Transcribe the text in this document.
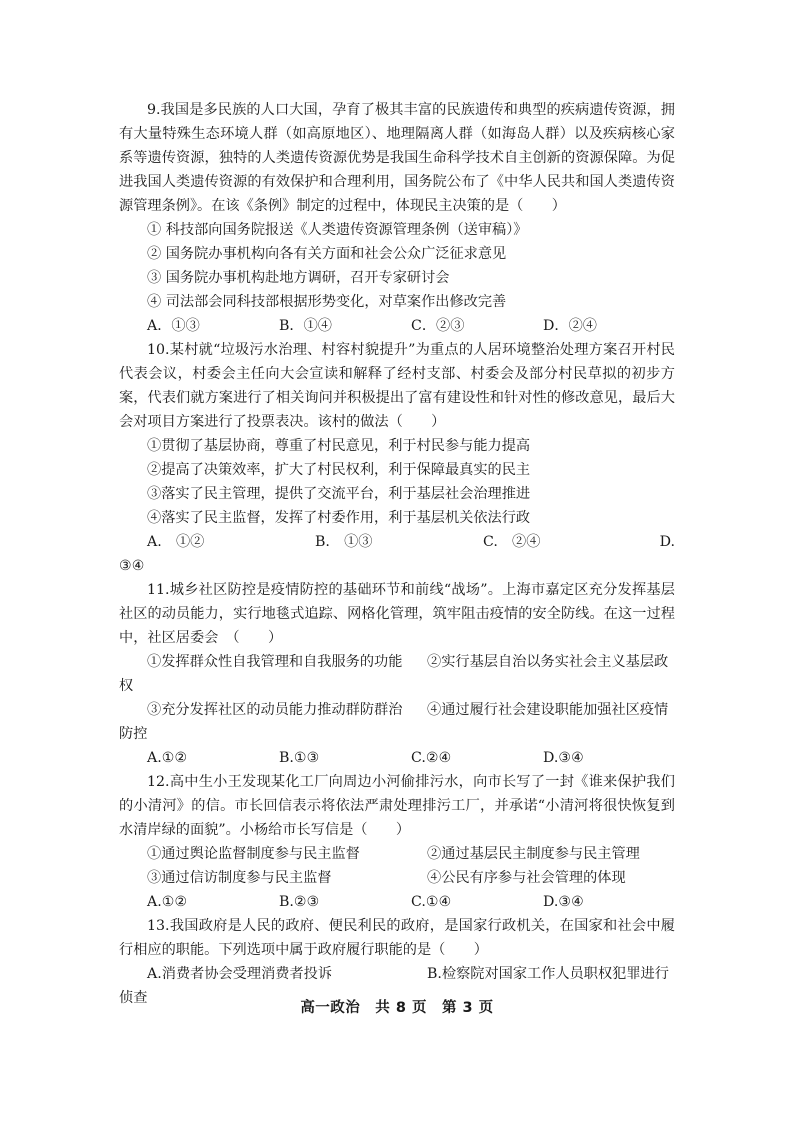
9.我国是多民族的人口大国，孕育了极其丰富的民族遗传和典型的疾病遗传资源，拥有大量特殊生态环境人群（如高原地区）、地理隔离人群（如海岛人群）以及疾病核心家系等遗传资源，独特的人类遗传资源优势是我国生命科学技术自主创新的资源保障。为促进我国人类遗传资源的有效保护和合理利用，国务院公布了《中华人民共和国人类遗传资源管理条例》。在该《条例》制定的过程中，体现民主决策的是（　　）

① 科技部向国务院报送《人类遗传资源管理条例（送审稿）》

② 国务院办事机构向各有关方面和社会公众广泛征求意见

③ 国务院办事机构赴地方调研，召开专家研讨会

④ 司法部会同科技部根据形势变化，对草案作出修改完善

A．①③	B．①④	C．②③	D．②④

10.某村就“垃圾污水治理、村容村貌提升”为重点的人居环境整治处理方案召开村民代表会议，村委会主任向大会宣读和解释了经村支部、村委会及部分村民草拟的初步方案，代表们就方案进行了相关询问并积极提出了富有建设性和针对性的修改意见，最后大会对项目方案进行了投票表决。该村的做法（　　）

①贯彻了基层协商，尊重了村民意见，利于村民参与能力提高

②提高了决策效率，扩大了村民权利，利于保障最真实的民主

③落实了民主管理，提供了交流平台，利于基层社会治理推进

④落实了民主监督，发挥了村委作用，利于基层机关依法行政

A.　①②	B.　①③	C.　②④	D.

③④

11.城乡社区防控是疫情防控的基础环节和前线“战场”。上海市嘉定区充分发挥基层社区的动员能力，实行地毯式追踪、网格化管理，筑牢阻击疫情的安全防线。在这一过程中，社区居委会　（　　）

①发挥群众性自我管理和自我服务的功能	②实行基层自治以务实社会主义基层政

权

③充分发挥社区的动员能力推动群防群治	④通过履行社会建设职能加强社区疫情

防控

A.①②	B.①③	C.②④	D.③④

12.高中生小王发现某化工厂向周边小河偷排污水，向市长写了一封《谁来保护我们的小清河》的信。市长回信表示将依法严肃处理排污工厂，并承诺“小清河将很快恢复到水清岸绿的面貌”。小杨给市长写信是（　　）

①通过舆论监督制度参与民主监督	②通过基层民主制度参与民主管理
③通过信访制度参与民主监督	④公民有序参与社会管理的体现
A.①②	B.②③	C.①④	D.③④

13.我国政府是人民的政府、便民利民的政府，是国家行政机关，在国家和社会中履行相应的职能。下列选项中属于政府履行职能的是（　　）

A.消费者协会受理消费者投诉	B.检察院对国家工作人员职权犯罪进行

侦查

高一政治　共 8 页　第 3 页
